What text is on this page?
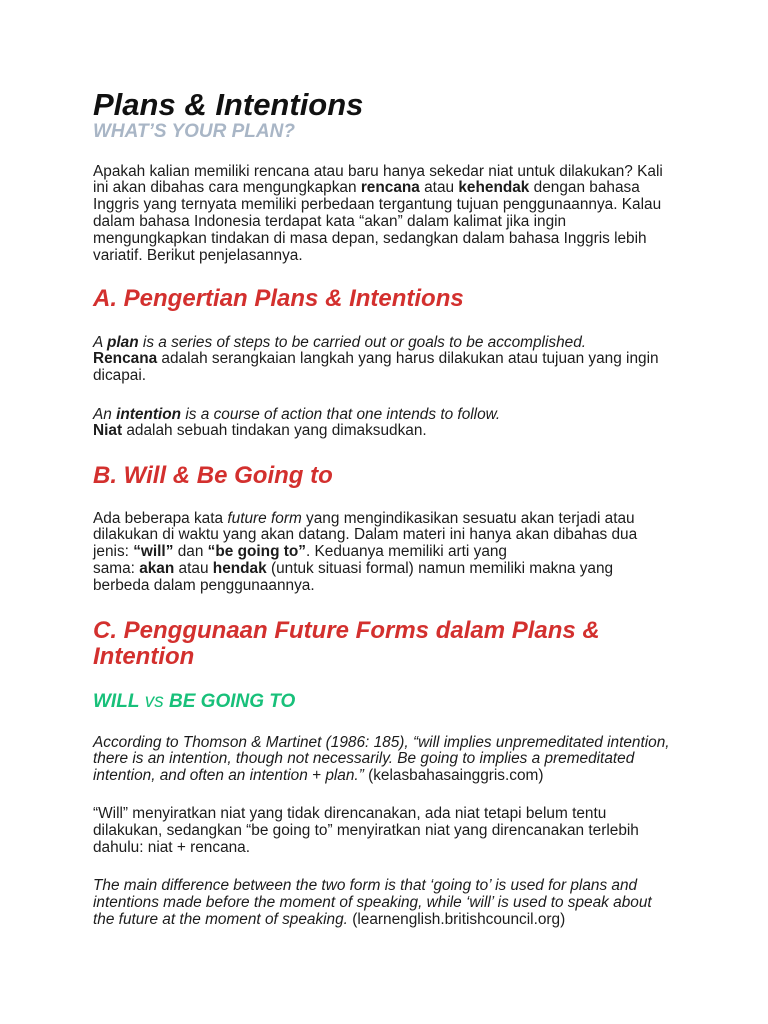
Plans & Intentions
WHAT’S YOUR PLAN?
Apakah kalian memiliki rencana atau baru hanya sekedar niat untuk dilakukan? Kali
ini akan dibahas cara mengungkapkan rencana atau kehendak dengan bahasa
Inggris yang ternyata memiliki perbedaan tergantung tujuan penggunaannya. Kalau
dalam bahasa Indonesia terdapat kata “akan” dalam kalimat jika ingin
mengungkapkan tindakan di masa depan, sedangkan dalam bahasa Inggris lebih
variatif. Berikut penjelasannya.
A. Pengertian Plans & Intentions
A plan is a series of steps to be carried out or goals to be accomplished.
Rencana adalah serangkaian langkah yang harus dilakukan atau tujuan yang ingin
dicapai.
An intention is a course of action that one intends to follow.
Niat adalah sebuah tindakan yang dimaksudkan.
B. Will & Be Going to
Ada beberapa kata future form yang mengindikasikan sesuatu akan terjadi atau
dilakukan di waktu yang akan datang. Dalam materi ini hanya akan dibahas dua
jenis: “will” dan “be going to”. Keduanya memiliki arti yang
sama: akan atau hendak (untuk situasi formal) namun memiliki makna yang
berbeda dalam penggunaannya.
C. Penggunaan Future Forms dalam Plans & Intention
WILL vs BE GOING TO
According to Thomson & Martinet (1986: 185), “will implies unpremeditated intention,
there is an intention, though not necessarily. Be going to implies a premeditated
intention, and often an intention + plan.” (kelasbahasainggris.com)
“Will” menyiratkan niat yang tidak direncanakan, ada niat tetapi belum tentu
dilakukan, sedangkan “be going to” menyiratkan niat yang direncanakan terlebih
dahulu: niat + rencana.
The main difference between the two form is that ‘going to’ is used for plans and
intentions made before the moment of speaking, while ‘will’ is used to speak about
the future at the moment of speaking. (learnenglish.britishcouncil.org)
